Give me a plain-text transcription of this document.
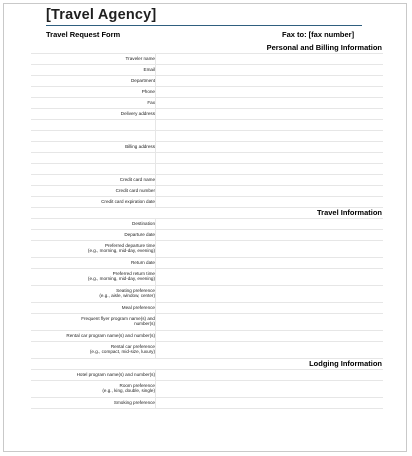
[Travel Agency]
Travel Request Form	Fax to: [fax number]
Personal and Billing Information
Traveler name
Email
Department
Phone
Fax
Delivery address
Billing address
Credit card name
Credit card number
Credit card expiration date
Travel Information
Destination
Departure date
Preferred departure time
(e.g., morning, mid-day, evening)
Return date
Preferred return time
(e.g., morning, mid-day, evening)
Seating preference
(e.g., aisle, window, center)
Meal preference
Frequent flyer program name(s) and
number(s)
Rental car program name(s) and number(s)
Rental car preference
(e.g., compact, mid-size, luxury)
Lodging Information
Hotel program name(s) and number(s)
Room preference
(e.g., king, double, single)
Smoking preference
